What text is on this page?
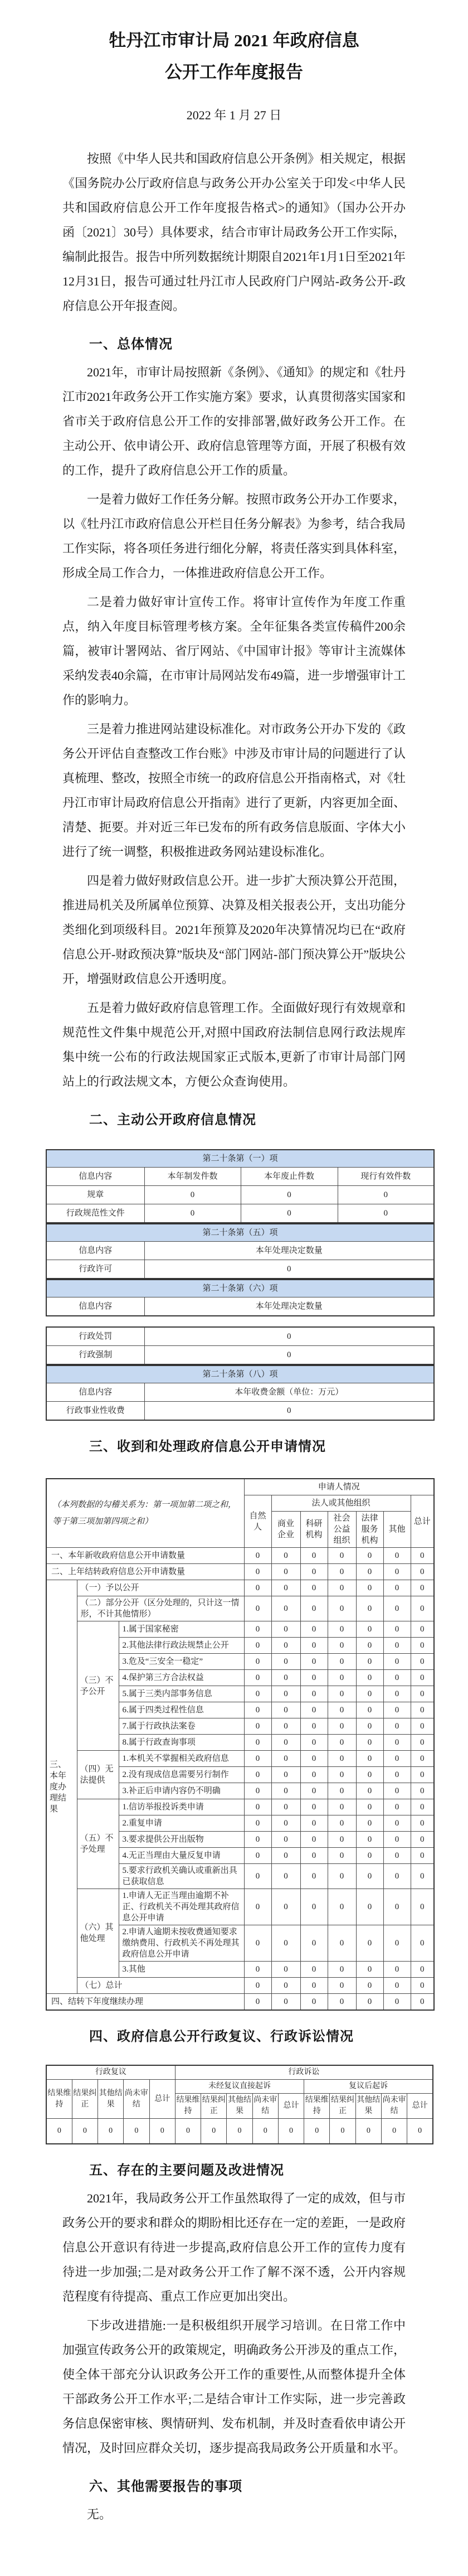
牡丹江市审计局 2021 年政府信息
公开工作年度报告
2022 年 1 月 27 日

按照《中华人民共和国政府信息公开条例》相关规定，根据《国务院办公厅政府信息与政务公开办公室关于印发<中华人民共和国政府信息公开工作年度报告格式>的通知》（国办公开办函〔2021〕30号）具体要求，结合市审计局政务公开工作实际，编制此报告。报告中所列数据统计期限自2021年1月1日至2021年12月31日，报告可通过牡丹江市人民政府门户网站-政务公开-政府信息公开年报查阅。

一、总体情况

2021年，市审计局按照新《条例》、《通知》的规定和《牡丹江市2021年政务公开工作实施方案》要求，认真贯彻落实国家和省市关于政府信息公开工作的安排部署,做好政务公开工作。在主动公开、依申请公开、政府信息管理等方面，开展了积极有效的工作，提升了政府信息公开工作的质量。

一是着力做好工作任务分解。按照市政务公开办工作要求，以《牡丹江市政府信息公开栏目任务分解表》为参考，结合我局工作实际，将各项任务进行细化分解，将责任落实到具体科室，形成全局工作合力，一体推进政府信息公开工作。

二是着力做好审计宣传工作。将审计宣传作为年度工作重点，纳入年度目标管理考核方案。全年征集各类宣传稿件200余篇，被审计署网站、省厅网站、《中国审计报》等审计主流媒体采纳发表40余篇，在市审计局网站发布49篇，进一步增强审计工作的影响力。

三是着力推进网站建设标准化。对市政务公开办下发的《政务公开评估自查整改工作台账》中涉及市审计局的问题进行了认真梳理、整改，按照全市统一的政府信息公开指南格式，对《牡丹江市审计局政府信息公开指南》进行了更新，内容更加全面、清楚、扼要。并对近三年已发布的所有政务信息版面、字体大小进行了统一调整，积极推进政务网站建设标准化。

四是着力做好财政信息公开。进一步扩大预决算公开范围，推进局机关及所属单位预算、决算及相关报表公开，支出功能分类细化到项级科目。2021年预算及2020年决算情况均已在“政府信息公开-财政预决算”版块及“部门网站-部门预决算公开”版块公开，增强财政信息公开透明度。

五是着力做好政府信息管理工作。全面做好现行有效规章和规范性文件集中规范公开,对照中国政府法制信息网行政法规库集中统一公布的行政法规国家正式版本,更新了市审计局部门网站上的行政法规文本，方便公众查询使用。

二、主动公开政府信息情况
第二十条第（一）项			
信息内容	本年制发件数	本年废止件数	现行有效件数
规章	0	0	0
行政规范性文件	0	0	0
第二十条第（五）项	
信息内容	本年处理决定数量
行政许可	0
第二十条第（六）项
信息内容	本年处理决定数量
行政处罚	0
行政强制	0
第二十条第（八）项	
信息内容	本年收费金额（单位：万元）
行政事业性收费	0
三、收到和处理政府信息公开申请情况
（本列数据的勾稽关系为：第一项加第二项之和，等于第三项加第四项之和）			申请人情况						
			自然人	法人或其他组织					总计
				商业企业	科研机构	社会公益组织	法律服务机构	其他	
一、本年新收政府信息公开申请数量			0	0	0	0	0	0	0
二、上年结转政府信息公开申请数量			0	0	0	0	0	0	0
三、本年度办理结果	（一）予以公开		0	0	0	0	0	0	0
	（二）部分公开（区分处理的，只计这一情形，不计其他情形）		0	0	0	0	0	0	0
	（三）不予公开	1.属于国家秘密	0	0	0	0	0	0	0
		2.其他法律行政法规禁止公开	0	0	0	0	0	0	0
		3.危及“三安全一稳定”	0	0	0	0	0	0	0
		4.保护第三方合法权益	0	0	0	0	0	0	0
		5.属于三类内部事务信息	0	0	0	0	0	0	0
		6.属于四类过程性信息	0	0	0	0	0	0	0
		7.属于行政执法案卷	0	0	0	0	0	0	0
		8.属于行政查询事项	0	0	0	0	0	0	0
	（四）无法提供	1.本机关不掌握相关政府信息	0	0	0	0	0	0	0
		2.没有现成信息需要另行制作	0	0	0	0	0	0	0
		3.补正后申请内容仍不明确	0	0	0	0	0	0	0
	（五）不予处理	1.信访举报投诉类申请	0	0	0	0	0	0	0
		2.重复申请	0	0	0	0	0	0	0
		3.要求提供公开出版物	0	0	0	0	0	0	0
		4.无正当理由大量反复申请	0	0	0	0	0	0	0
		5.要求行政机关确认或重新出具已获取信息	0	0	0	0	0	0	0
	（六）其他处理	1.申请人无正当理由逾期不补正、行政机关不再处理其政府信息公开申请	0	0	0	0	0	0	0
		2.申请人逾期未按收费通知要求缴纳费用、行政机关不再处理其政府信息公开申请	0	0	0	0	0	0	0
		3.其他	0	0	0	0	0	0	0
	（七）总计		0	0	0	0	0	0	0
四、结转下年度继续办理			0	0	0	0	0	0	0
四、政府信息公开行政复议、行政诉讼情况
行政复议					行政诉讼									
结果维持	结果纠正	其他结果	尚未审结	总计	未经复议直接起诉					复议后起诉				
					结果维持	结果纠正	其他结果	尚未审结	总计	结果维持	结果纠正	其他结果	尚未审结	总计
0	0	0	0	0	0	0	0	0	0	0	0	0	0	0
五、存在的主要问题及改进情况

2021年，我局政务公开工作虽然取得了一定的成效，但与市政务公开的要求和群众的期盼相比还存在一定的差距，一是政府信息公开意识有待进一步提高,政府信息公开工作的宣传力度有待进一步加强;二是对政务公开工作了解不深不透，公开内容规范程度有待提高、重点工作应更加出突出。

下步改进措施:一是积极组织开展学习培训。在日常工作中加强宣传政务公开的政策规定，明确政务公开涉及的重点工作，使全体干部充分认识政务公开工作的重要性,从而整体提升全体干部政务公开工作水平;二是结合审计工作实际，进一步完善政务信息保密审核、舆情研判、发布机制，并及时查看依申请公开情况，及时回应群众关切，逐步提高我局政务公开质量和水平。

六、其他需要报告的事项

无。
